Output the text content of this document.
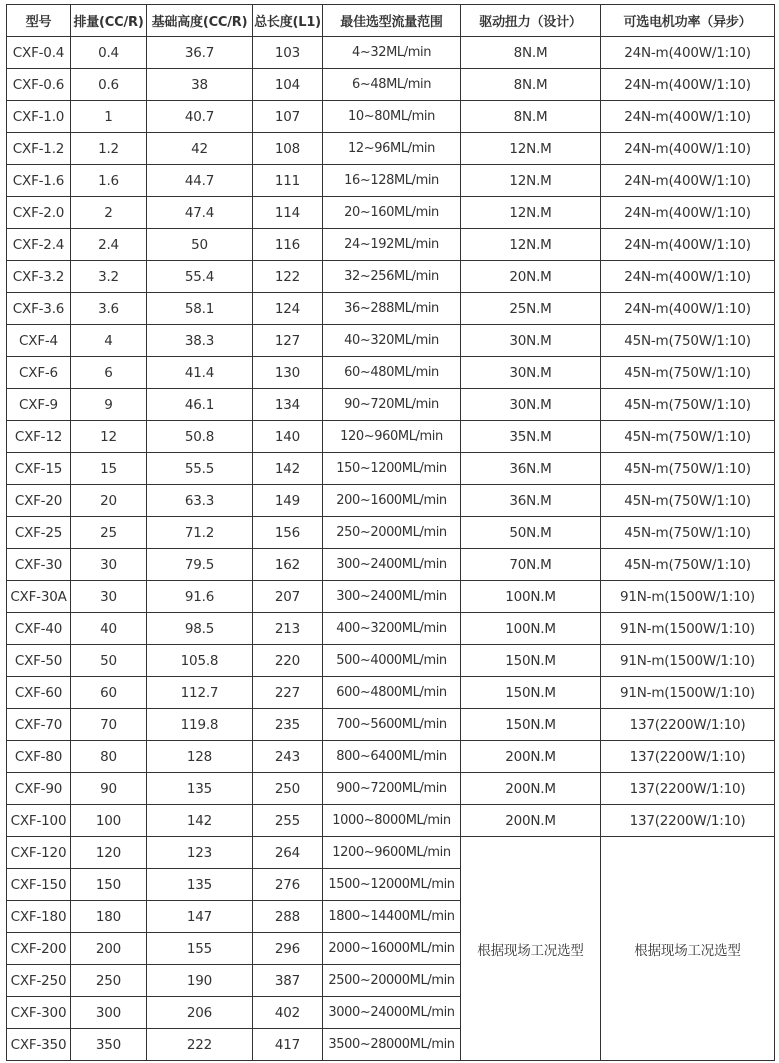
型号	排量(CC/R)	基础高度(CC/R)	总长度(L1)	最佳选型流量范围	驱动扭力（设计）	可选电机功率（异步）
CXF-0.4	0.4	36.7	103	4~32ML/min	8N.M	24N-m(400W/1:10)
CXF-0.6	0.6	38	104	6~48ML/min	8N.M	24N-m(400W/1:10)
CXF-1.0	1	40.7	107	10~80ML/min	8N.M	24N-m(400W/1:10)
CXF-1.2	1.2	42	108	12~96ML/min	12N.M	24N-m(400W/1:10)
CXF-1.6	1.6	44.7	111	16~128ML/min	12N.M	24N-m(400W/1:10)
CXF-2.0	2	47.4	114	20~160ML/min	12N.M	24N-m(400W/1:10)
CXF-2.4	2.4	50	116	24~192ML/min	12N.M	24N-m(400W/1:10)
CXF-3.2	3.2	55.4	122	32~256ML/min	20N.M	24N-m(400W/1:10)
CXF-3.6	3.6	58.1	124	36~288ML/min	25N.M	24N-m(400W/1:10)
CXF-4	4	38.3	127	40~320ML/min	30N.M	45N-m(750W/1:10)
CXF-6	6	41.4	130	60~480ML/min	30N.M	45N-m(750W/1:10)
CXF-9	9	46.1	134	90~720ML/min	30N.M	45N-m(750W/1:10)
CXF-12	12	50.8	140	120~960ML/min	35N.M	45N-m(750W/1:10)
CXF-15	15	55.5	142	150~1200ML/min	36N.M	45N-m(750W/1:10)
CXF-20	20	63.3	149	200~1600ML/min	36N.M	45N-m(750W/1:10)
CXF-25	25	71.2	156	250~2000ML/min	50N.M	45N-m(750W/1:10)
CXF-30	30	79.5	162	300~2400ML/min	70N.M	45N-m(750W/1:10)
CXF-30A	30	91.6	207	300~2400ML/min	100N.M	91N-m(1500W/1:10)
CXF-40	40	98.5	213	400~3200ML/min	100N.M	91N-m(1500W/1:10)
CXF-50	50	105.8	220	500~4000ML/min	150N.M	91N-m(1500W/1:10)
CXF-60	60	112.7	227	600~4800ML/min	150N.M	91N-m(1500W/1:10)
CXF-70	70	119.8	235	700~5600ML/min	150N.M	137(2200W/1:10)
CXF-80	80	128	243	800~6400ML/min	200N.M	137(2200W/1:10)
CXF-90	90	135	250	900~7200ML/min	200N.M	137(2200W/1:10)
CXF-100	100	142	255	1000~8000ML/min	200N.M	137(2200W/1:10)
CXF-120	120	123	264	1200~9600ML/min	根据现场工况选型	根据现场工况选型
CXF-150	150	135	276	1500~12000ML/min		
CXF-180	180	147	288	1800~14400ML/min		
CXF-200	200	155	296	2000~16000ML/min		
CXF-250	250	190	387	2500~20000ML/min		
CXF-300	300	206	402	3000~24000ML/min		
CXF-350	350	222	417	3500~28000ML/min		
